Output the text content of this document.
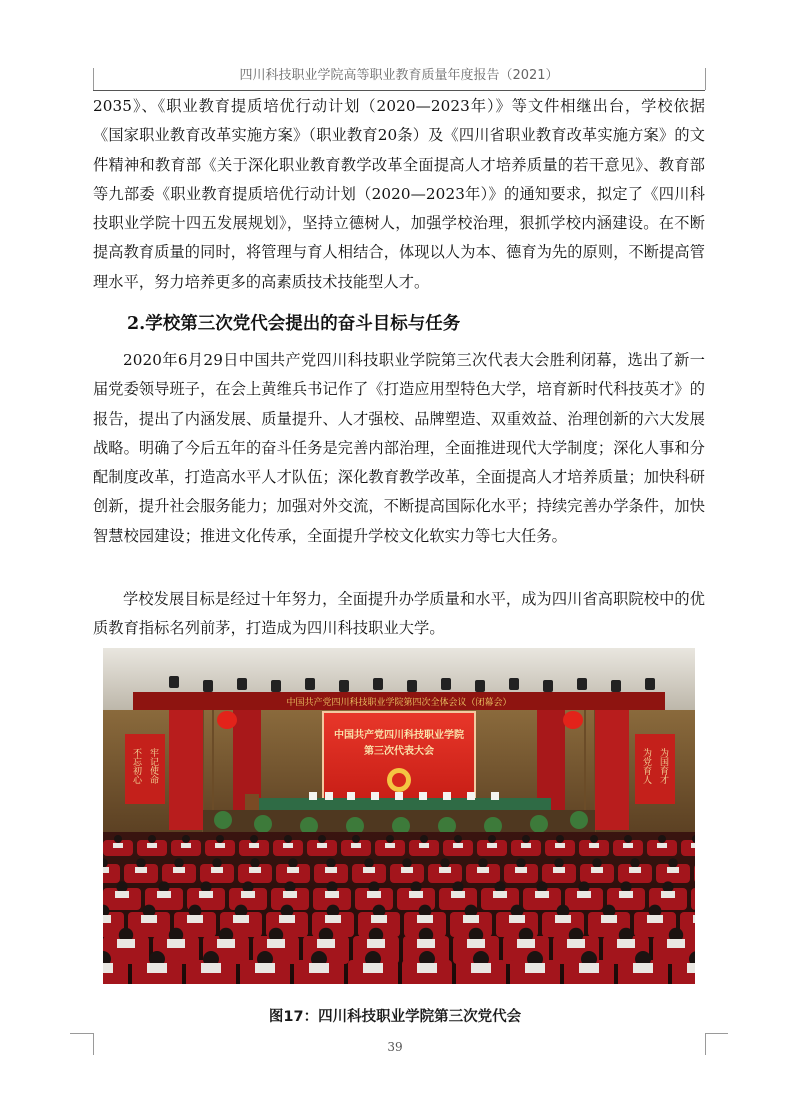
四川科技职业学院高等职业教育质量年度报告（2021）

2035》、《职业教育提质培优行动计划（2020—2023年）》等文件相继出台，学校依据《国家职业教育改革实施方案》（职业教育20条）及《四川省职业教育改革实施方案》的文件精神和教育部《关于深化职业教育教学改革全面提高人才培养质量的若干意见》、教育部等九部委《职业教育提质培优行动计划（2020—2023年）》的通知要求，拟定了《四川科技职业学院十四五发展规划》，坚持立德树人，加强学校治理，狠抓学校内涵建设。在不断提高教育质量的同时，将管理与育人相结合，体现以人为本、德育为先的原则，不断提高管理水平，努力培养更多的高素质技术技能型人才。

2.学校第三次党代会提出的奋斗目标与任务

2020年6月29日中国共产党四川科技职业学院第三次代表大会胜利闭幕，选出了新一届党委领导班子，在会上黄维兵书记作了《打造应用型特色大学，培育新时代科技英才》的报告，提出了内涵发展、质量提升、人才强校、品牌塑造、双重效益、治理创新的六大发展战略。明确了今后五年的奋斗任务是完善内部治理，全面推进现代大学制度；深化人事和分配制度改革，打造高水平人才队伍；深化教育教学改革，全面提高人才培养质量；加快科研创新，提升社会服务能力；加强对外交流，不断提高国际化水平；持续完善办学条件，加快智慧校园建设；推进文化传承，全面提升学校文化软实力等七大任务。

学校发展目标是经过十年努力，全面提升办学质量和水平，成为四川省高职院校中的优质教育指标名列前茅，打造成为四川科技职业大学。

中国共产党四川科技职业学院第四次全体会议（闭幕会）
不忘初心 牢记使命	为党育人 为国育才
中国共产党四川科技职业学院
第三次代表大会
图17：四川科技职业学院第三次党代会
39
